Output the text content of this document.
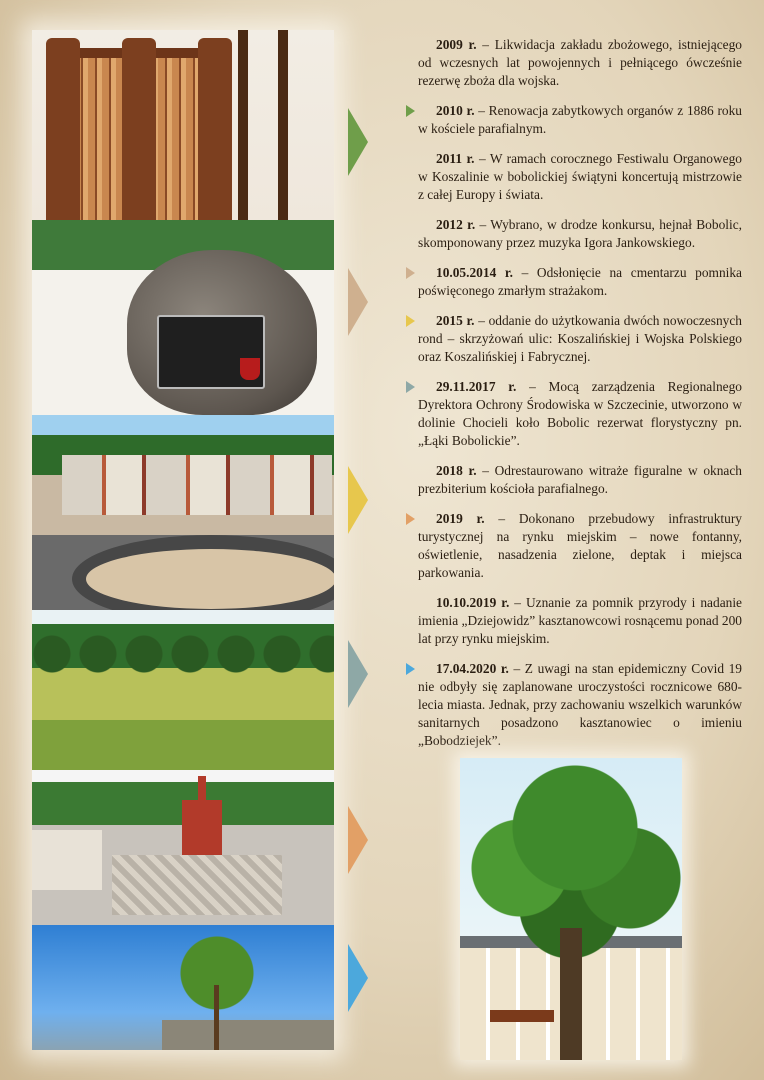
2009 r. – Likwidacja zakładu zbożowego, istniejącego od wczesnych lat powojennych i pełniącego ówcześnie rezerwę zboża dla wojska.

2010 r. – Renowacja zabytkowych organów z 1886 roku w kościele parafialnym.

2011 r. – W ramach corocznego Festiwalu Organowego w Koszalinie w bobolickiej świątyni koncertują mistrzowie z całej Europy i świata.

2012 r. – Wybrano, w drodze konkursu, hejnał Bobolic, skomponowany przez muzyka Igora Jankowskiego.

10.05.2014 r. – Odsłonięcie na cmentarzu pomnika poświęconego zmarłym strażakom.

2015 r. – oddanie do użytkowania dwóch nowoczesnych rond – skrzyżowań ulic: Koszalińskiej i Wojska Polskiego oraz Koszalińskiej i Fabrycznej.

29.11.2017 r. – Mocą zarządzenia Regionalnego Dyrektora Ochrony Środowiska w Szczecinie, utworzono w dolinie Chocieli koło Bobolic rezerwat florystyczny pn. „Łąki Bobolickie”.

2018 r. – Odrestaurowano witraże figuralne w oknach prezbiterium kościoła parafialnego.

2019 r. – Dokonano przebudowy infrastruktury turystycznej na rynku miejskim – nowe fontanny, oświetlenie, nasadzenia zielone, deptak i miejsca parkowania.

10.10.2019 r. – Uznanie za pomnik przyrody i nadanie imienia „Dziejowidz” kasztanowcowi rosnącemu ponad 200 lat przy rynku miejskim.

17.04.2020 r. – Z uwagi na stan epidemiczny Covid 19 nie odbyły się zaplanowane uroczystości rocznicowe 680-lecia miasta. Jednak, przy zachowaniu wszelkich warunków sanitarnych posadzono kasztanowiec o imieniu „Bobodziejek”.
